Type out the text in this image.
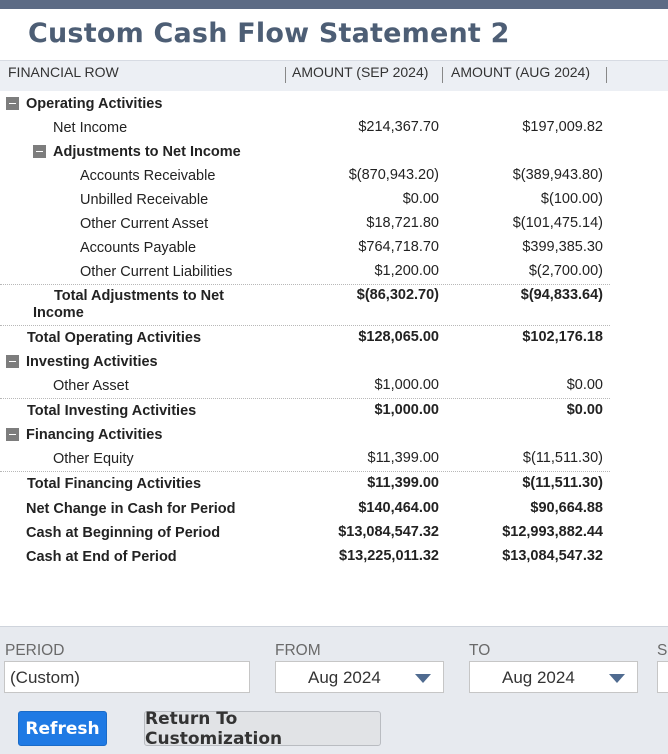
Custom Cash Flow Statement 2
FINANCIAL ROW	AMOUNT (SEP 2024) AMOUNT (AUG 2024)
Operating Activities
Net Income	$214,367.70	$197,009.82
Adjustments to Net Income
Accounts Receivable	$(870,943.20)	$(389,943.80)
Unbilled Receivable	$0.00	$(100.00)
Other Current Asset	$18,721.80	$(101,475.14)
Accounts Payable	$764,718.70	$399,385.30
Other Current Liabilities	$1,200.00	$(2,700.00)
Total Adjustments to Net
Income
$(86,302.70)	$(94,833.64)
Total Operating Activities	$128,065.00	$102,176.18
Investing Activities
Other Asset	$1,000.00	$0.00
Total Investing Activities	$1,000.00	$0.00
Financing Activities
Other Equity	$11,399.00	$(11,511.30)
Total Financing Activities	$11,399.00	$(11,511.30)
Net Change in Cash for Period	$140,464.00	$90,664.88
Cash at Beginning of Period	$13,084,547.32	$12,993,882.44
Cash at End of Period	$13,225,011.32	$13,084,547.32
PERIOD
(Custom)
FROM
Aug 2024
TO
Aug 2024
S
Refresh	Return To Customization
